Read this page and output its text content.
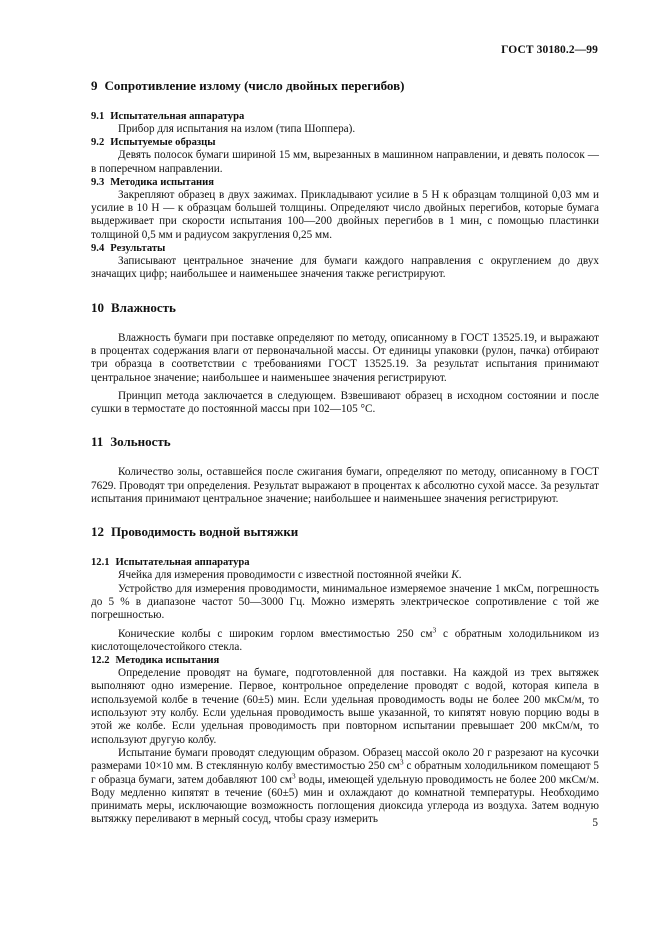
ГОСТ 30180.2—99
9 Сопротивление излому (число двойных перегибов)
9.1 Испытательная аппаратура

Прибор для испытания на излом (типа Шоппера).

9.2 Испытуемые образцы

Девять полосок бумаги шириной 15 мм, вырезанных в машинном направлении, и девять полосок — в поперечном направлении.

9.3 Методика испытания

Закрепляют образец в двух зажимах. Прикладывают усилие в 5 Н к образцам толщиной 0,03 мм и усилие в 10 Н — к образцам большей толщины. Определяют число двойных перегибов, которые бумага выдерживает при скорости испытания 100—200 двойных перегибов в 1 мин, с помощью пластинки толщиной 0,5 мм и радиусом закругления 0,25 мм.

9.4 Результаты

Записывают центральное значение для бумаги каждого направления с округлением до двух значащих цифр; наибольшее и наименьшее значения также регистрируют.

10 Влажность

Влажность бумаги при поставке определяют по методу, описанному в ГОСТ 13525.19, и выражают в процентах содержания влаги от первоначальной массы. От единицы упаковки (рулон, пачка) отбирают три образца в соответствии с требованиями ГОСТ 13525.19. За результат испытания принимают центральное значение; наибольшее и наименьшее значения регистрируют.

Принцип метода заключается в следующем. Взвешивают образец в исходном состоянии и после сушки в термостате до постоянной массы при 102—105 °С.

11 Зольность

Количество золы, оставшейся после сжигания бумаги, определяют по методу, описанному в ГОСТ 7629. Проводят три определения. Результат выражают в процентах к абсолютно сухой массе. За результат испытания принимают центральное значение; наибольшее и наименьшее значения регистрируют.

12 Проводимость водной вытяжки
12.1 Испытательная аппаратура

Ячейка для измерения проводимости с известной постоянной ячейки K.

Устройство для измерения проводимости, минимальное измеряемое значение 1 мкСм, погрешность до 5 % в диапазоне частот 50—3000 Гц. Можно измерять электрическое сопротивление с той же погрешностью.

Конические колбы с широким горлом вместимостью 250 $см^3$ с обратным холодильником из кислотощелочестойкого стекла.

12.2 Методика испытания

Определение проводят на бумаге, подготовленной для поставки. На каждой из трех вытяжек выполняют одно измерение. Первое, контрольное определение проводят с водой, которая кипела в используемой колбе в течение (60±5) мин. Если удельная проводимость воды не более 200 мкСм/м, то используют эту колбу. Если удельная проводимость выше указанной, то кипятят новую порцию воды в этой же колбе. Если удельная проводимость при повторном испытании превышает 200 мкСм/м, то используют другую колбу.

Испытание бумаги проводят следующим образом. Образец массой около 20 г разрезают на кусочки размерами 10×10 мм. В стеклянную колбу вместимостью 250 $см^3$ с обратным холодильником помещают 5 г образца бумаги, затем добавляют 100 $см^3$ воды, имеющей удельную проводимость не более 200 мкСм/м. Воду медленно кипятят в течение (60±5) мин и охлаждают до комнатной температуры. Необходимо принимать меры, исключающие возможность поглощения диоксида углерода из воздуха. Затем водную вытяжку переливают в мерный сосуд, чтобы сразу измерить	5
